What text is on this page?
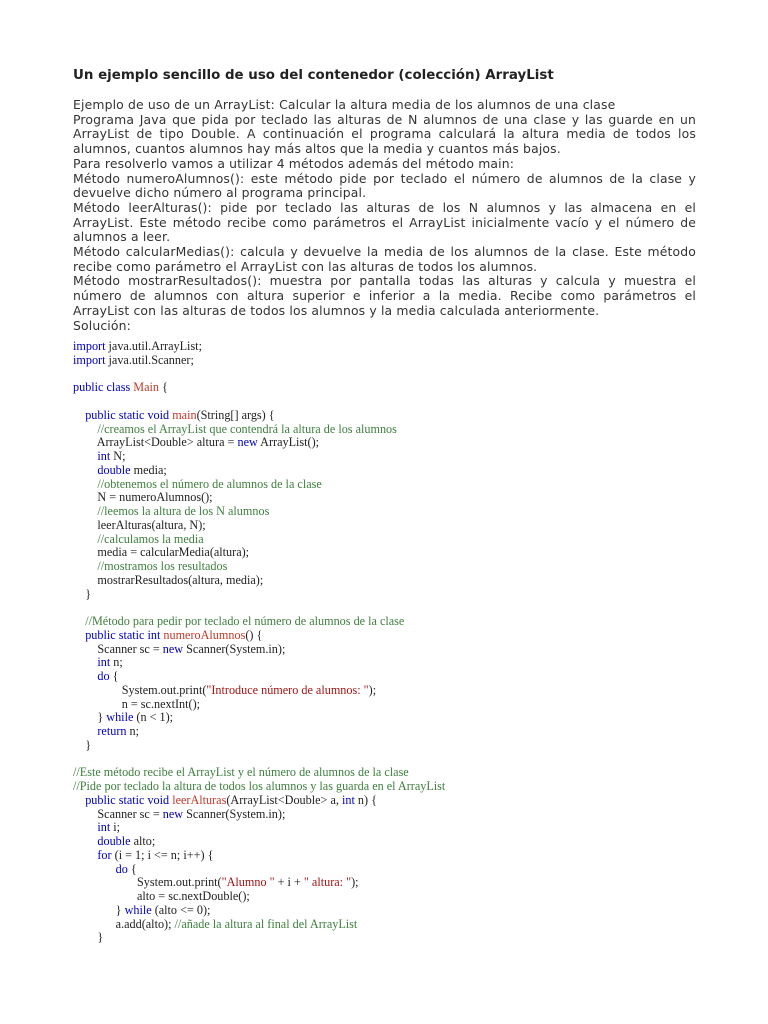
Un ejemplo sencillo de uso del contenedor (colección) ArrayList

Ejemplo de uso de un ArrayList: Calcular la altura media de los alumnos de una clase

Programa Java que pida por teclado las alturas de N alumnos de una clase y las guarde en un ArrayList de tipo Double. A continuación el programa calculará la altura media de todos los alumnos, cuantos alumnos hay más altos que la media y cuantos más bajos.

Para resolverlo vamos a utilizar 4 métodos además del método main:

Método numeroAlumnos(): este método pide por teclado el número de alumnos de la clase y devuelve dicho número al programa principal.

Método leerAlturas(): pide por teclado las alturas de los N alumnos y las almacena en el ArrayList. Este método recibe como parámetros el ArrayList inicialmente vacío y el número de alumnos a leer.

Método calcularMedias(): calcula y devuelve la media de los alumnos de la clase. Este método recibe como parámetro el ArrayList con las alturas de todos los alumnos.

Método mostrarResultados(): muestra por pantalla todas las alturas y calcula y muestra el número de alumnos con altura superior e inferior a la media. Recibe como parámetros el ArrayList con las alturas de todos los alumnos y la media calculada anteriormente.

Solución:

import java.util.ArrayList;
import java.util.Scanner;
public class Main {
public static void main(String[] args) {
//creamos el ArrayList que contendrá la altura de los alumnos
ArrayList<Double> altura = new ArrayList();
int N;
double media;
//obtenemos el número de alumnos de la clase
N = numeroAlumnos();
//leemos la altura de los N alumnos
leerAlturas(altura, N);
//calculamos la media
media = calcularMedia(altura);
//mostramos los resultados
mostrarResultados(altura, media);
}
//Método para pedir por teclado el número de alumnos de la clase
public static int numeroAlumnos() {
Scanner sc = new Scanner(System.in);
int n;
do {
System.out.print("Introduce número de alumnos: ");
n = sc.nextInt();
} while (n < 1);
return n;
}
//Este método recibe el ArrayList y el número de alumnos de la clase
//Pide por teclado la altura de todos los alumnos y las guarda en el ArrayList
public static void leerAlturas(ArrayList<Double> a, int n) {
Scanner sc = new Scanner(System.in);
int i;
double alto;
for (i = 1; i <= n; i++) {
do {
System.out.print("Alumno " + i + " altura: ");
alto = sc.nextDouble();
} while (alto <= 0);
a.add(alto); //añade la altura al final del ArrayList
}
